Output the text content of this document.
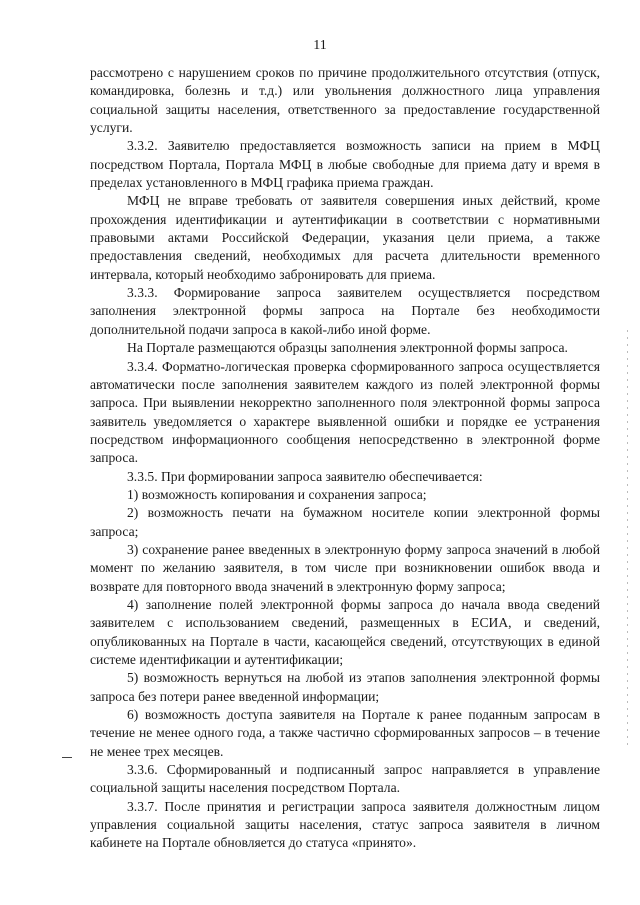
11

рассмотрено с нарушением сроков по причине продолжительного отсутствия (отпуск, командировка, болезнь и т.д.) или увольнения должностного лица управления социальной защиты населения, ответственного за предоставление государственной услуги.

3.3.2. Заявителю предоставляется возможность записи на прием в МФЦ посредством Портала, Портала МФЦ в любые свободные для приема дату и время в пределах установленного в МФЦ графика приема граждан.

МФЦ не вправе требовать от заявителя совершения иных действий, кроме прохождения идентификации и аутентификации в соответствии с нормативными правовыми актами Российской Федерации, указания цели приема, а также предоставления сведений, необходимых для расчета длительности временного интервала, который необходимо забронировать для приема.

3.3.3. Формирование запроса заявителем осуществляется посредством заполнения электронной формы запроса на Портале без необходимости дополнительной подачи запроса в какой-либо иной форме.

На Портале размещаются образцы заполнения электронной формы запроса.

3.3.4. Форматно-логическая проверка сформированного запроса осуществляется автоматически после заполнения заявителем каждого из полей электронной формы запроса. При выявлении некорректно заполненного поля электронной формы запроса заявитель уведомляется о характере выявленной ошибки и порядке ее устранения посредством информационного сообщения непосредственно в электронной форме запроса.

3.3.5. При формировании запроса заявителю обеспечивается:

1) возможность копирования и сохранения запроса;

2) возможность печати на бумажном носителе копии электронной формы запроса;

3) сохранение ранее введенных в электронную форму запроса значений в любой момент по желанию заявителя, в том числе при возникновении ошибок ввода и возврате для повторного ввода значений в электронную форму запроса;

4) заполнение полей электронной формы запроса до начала ввода сведений заявителем с использованием сведений, размещенных в ЕСИА, и сведений, опубликованных на Портале в части, касающейся сведений, отсутствующих в единой системе идентификации и аутентификации;

5) возможность вернуться на любой из этапов заполнения электронной формы запроса без потери ранее введенной информации;

6) возможность доступа заявителя на Портале к ранее поданным запросам в течение не менее одного года, а также частично сформированных запросов – в течение не менее трех месяцев.

3.3.6. Сформированный и подписанный запрос направляется в управление социальной защиты населения посредством Портала.

3.3.7. После принятия и регистрации запроса заявителя должностным лицом управления социальной защиты населения, статус запроса заявителя в личном кабинете на Портале обновляется до статуса «принято».
